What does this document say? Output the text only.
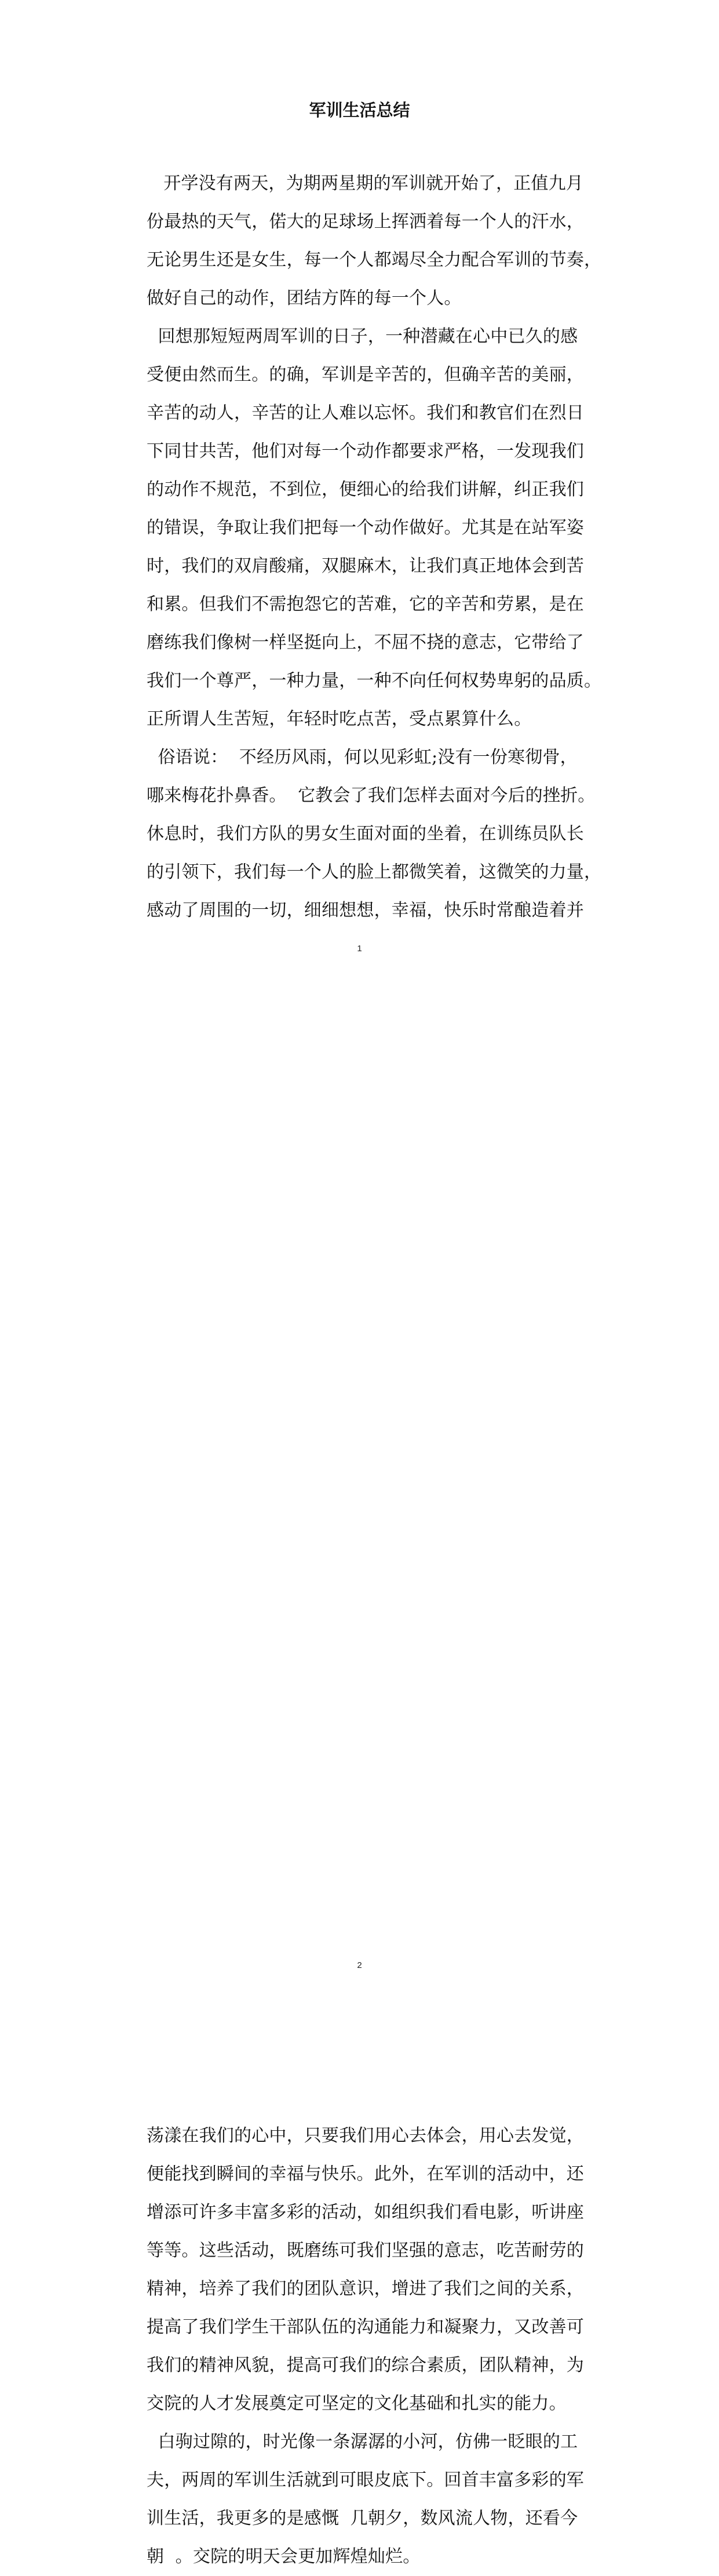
军训生活总结
开学没有两天，为期两星期的军训就开始了，正值九月
份最热的天气，偌大的足球场上挥洒着每一个人的汗水，
无论男生还是女生，每一个人都竭尽全力配合军训的节奏，
做好自己的动作，团结方阵的每一个人。
回想那短短两周军训的日子，一种潜藏在心中已久的感
受便由然而生。的确，军训是辛苦的，但确辛苦的美丽，
辛苦的动人，辛苦的让人难以忘怀。我们和教官们在烈日
下同甘共苦，他们对每一个动作都要求严格，一发现我们
的动作不规范，不到位，便细心的给我们讲解，纠正我们
的错误，争取让我们把每一个动作做好。尤其是在站军姿
时，我们的双肩酸痛，双腿麻木，让我们真正地体会到苦
和累。但我们不需抱怨它的苦难，它的辛苦和劳累，是在
磨练我们像树一样坚挺向上，不屈不挠的意志，它带给了
我们一个尊严，一种力量，一种不向任何权势卑躬的品质。
正所谓人生苦短，年轻时吃点苦，受点累算什么。
俗语说：  不经历风雨，何以见彩虹;没有一份寒彻骨，
哪来梅花扑鼻香。  它教会了我们怎样去面对今后的挫折。
休息时，我们方队的男女生面对面的坐着，在训练员队长
的引领下，我们每一个人的脸上都微笑着，这微笑的力量，
感动了周围的一切，细细想想，幸福，快乐时常酿造着并
1
荡漾在我们的心中，只要我们用心去体会，用心去发觉，
便能找到瞬间的幸福与快乐。此外，在军训的活动中，还
增添可许多丰富多彩的活动，如组织我们看电影，听讲座
等等。这些活动，既磨练可我们坚强的意志，吃苦耐劳的
精神，培养了我们的团队意识，增进了我们之间的关系，
提高了我们学生干部队伍的沟通能力和凝聚力，又改善可
我们的精神风貌，提高可我们的综合素质，团队精神，为
交院的人才发展奠定可坚定的文化基础和扎实的能力。
白驹过隙的，时光像一条潺潺的小河，仿佛一眨眼的工
夫，两周的军训生活就到可眼皮底下。回首丰富多彩的军
训生活，我更多的是感慨  几朝夕，数风流人物，还看今
朝  。交院的明天会更加辉煌灿烂。
2
